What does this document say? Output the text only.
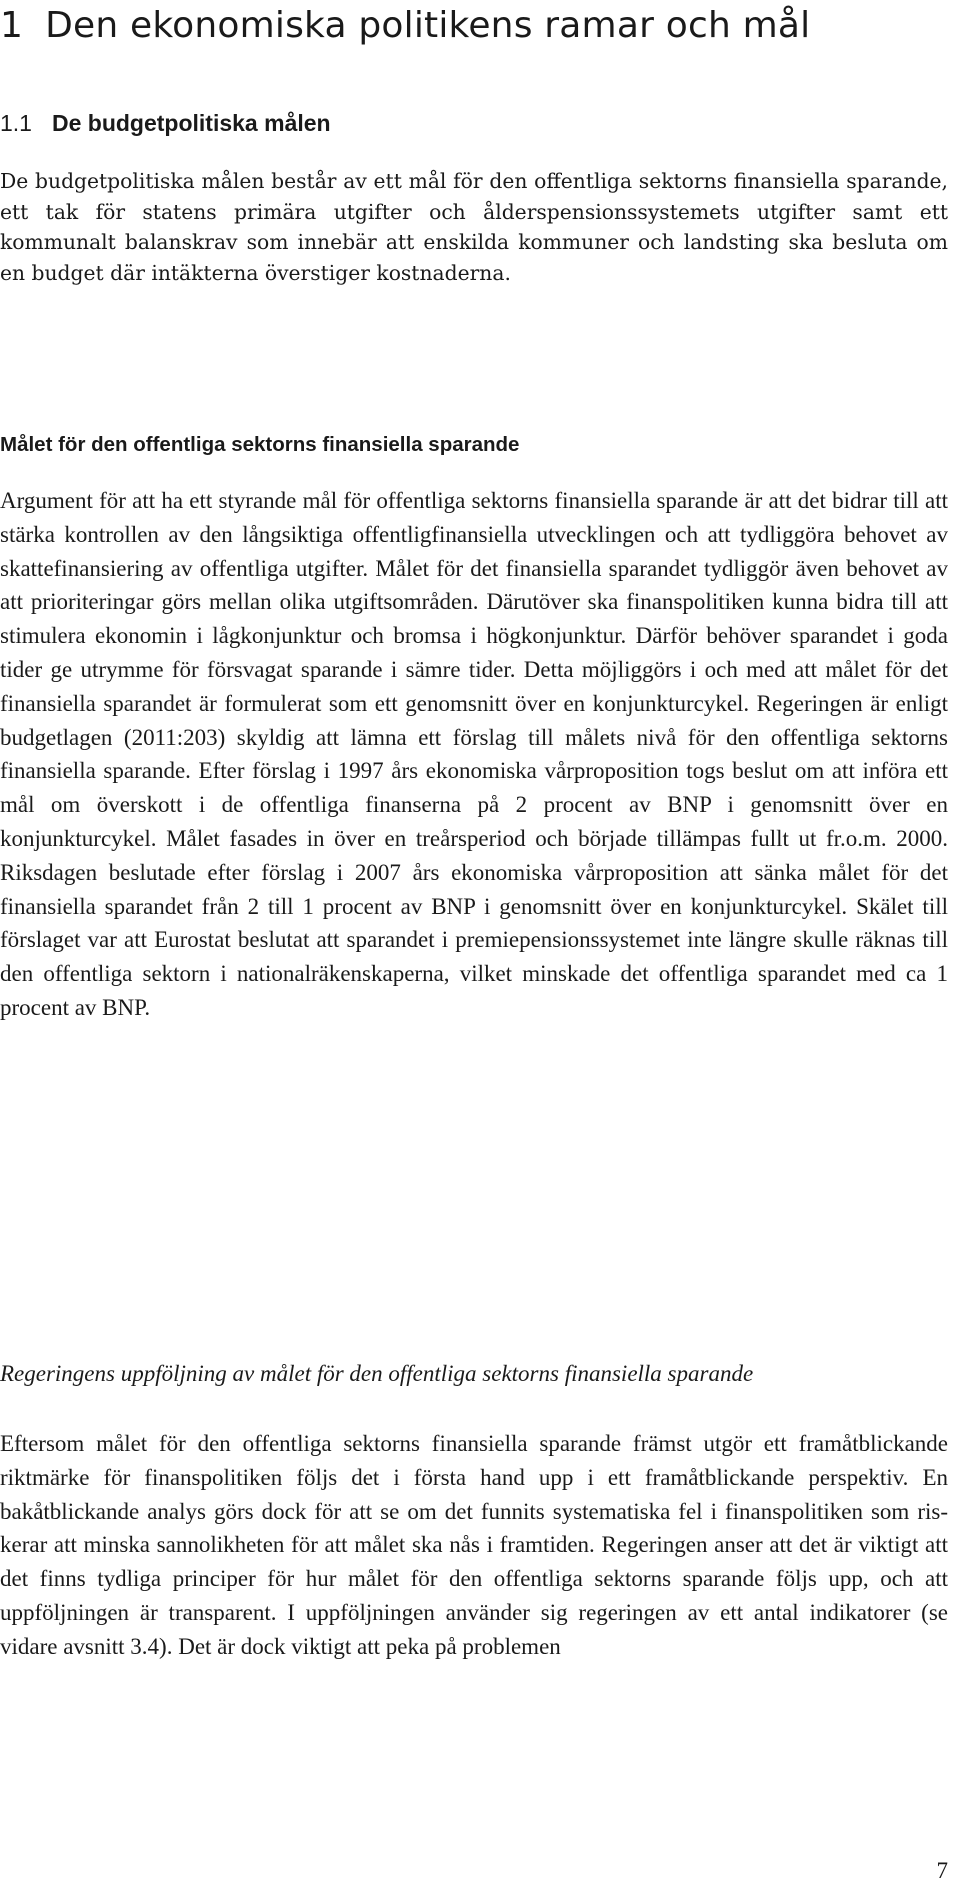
1 Den ekonomiska politikens ramar och mål
1.1 De budgetpolitiska målen

De budgetpolitiska målen består av ett mål för den offentliga sektorns finansiella sparande, ett tak för statens primära utgifter och ålderspensionssystemets utgifter samt ett kommunalt balanskrav som innebär att enskilda kommuner och landsting ska besluta om en budget där intäkterna överstiger kostnaderna.

Målet för den offentliga sektorns finansiella sparande

Argument för att ha ett styrande mål för offentliga sektorns finansiella sparande är att det bidrar till att stärka kontrollen av den långsiktiga offentligfinansiella utvecklingen och att tydliggöra behovet av skattefinansiering av offentliga utgifter. Målet för det finansiella sparandet tydliggör även behovet av att prioriteringar görs mellan olika utgiftsområden. Därutöver ska finanspolitiken kunna bidra till att stimulera ekonomin i lågkonjunktur och bromsa i högkonjunktur. Därför behöver sparandet i goda tider ge utrymme för försvagat sparande i sämre tider. Detta möjliggörs i och med att målet för det finansiella sparandet är formulerat som ett genomsnitt över en konjunkturcykel. Regeringen är enligt budgetlagen (2011:203) skyldig att lämna ett förslag till målets nivå för den offentliga sektorns finansiella sparande. Efter förslag i 1997 års ekonomiska vårproposition togs beslut om att införa ett mål om överskott i de offentliga finanserna på 2 procent av BNP i genomsnitt över en konjunkturcykel. Målet fasades in över en treårsperiod och började tillämpas fullt ut fr.o.m. 2000. Riksdagen beslutade efter förslag i 2007 års ekonomiska vårproposition att sänka målet för det finansiella sparandet från 2 till 1 procent av BNP i genomsnitt över en konjunkturcykel. Skälet till förslaget var att Eurostat beslutat att sparandet i premiepensionssystemet inte längre skulle räknas till den offentliga sektorn i nationalräkenskaperna, vilket minskade det offentliga sparandet med ca 1 procent av BNP.

Regeringens uppföljning av målet för den offentliga sektorns finansiella sparande

Eftersom målet för den offentliga sektorns finansiella sparande främst utgör ett framåtblickande riktmärke för finanspolitiken följs det i första hand upp i ett framåtblickande perspektiv. En bakåtblickande analys görs dock för att se om det funnits systematiska fel i finanspolitiken som riskerar att minska sannolikheten för att målet ska nås i framtiden. Regeringen anser att det är viktigt att det finns tydliga principer för hur målet för den offentliga sektorns sparande följs upp, och att uppföljningen är transparent. I uppföljningen använder sig regeringen av ett antal indikatorer (se vidare avsnitt 3.4). Det är dock viktigt att peka på problemen

7
